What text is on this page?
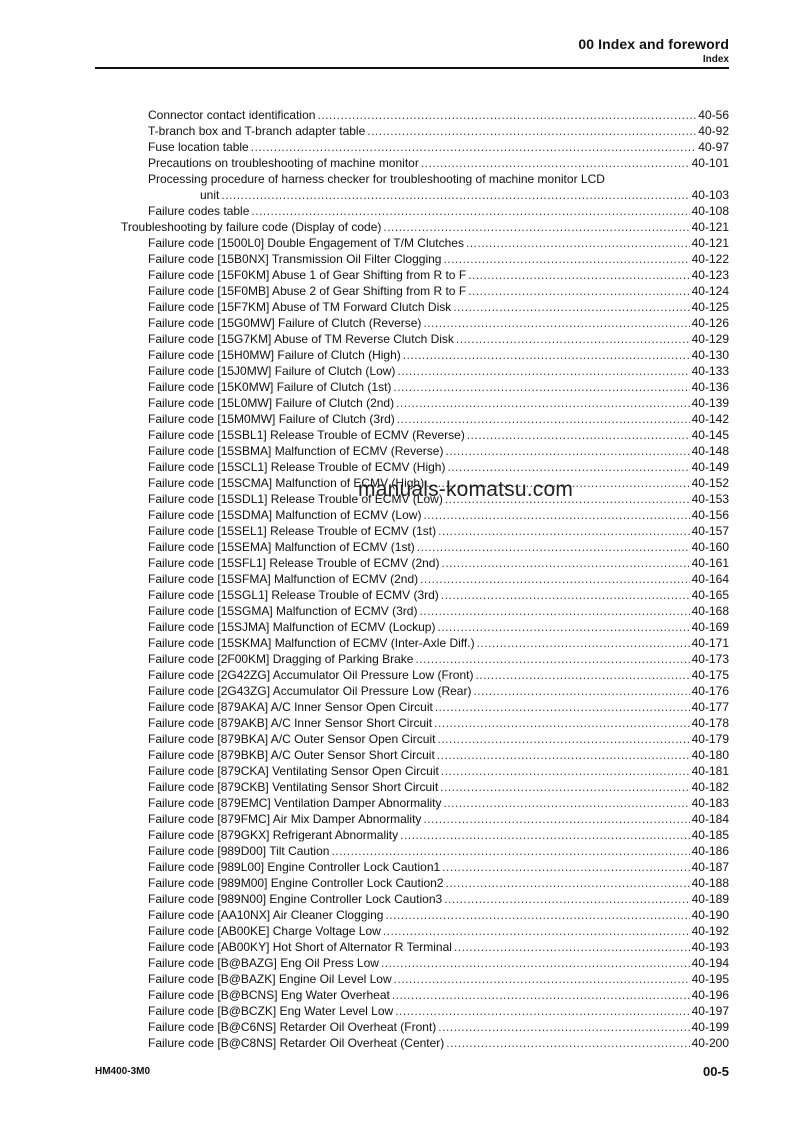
00 Index and foreword
Index
Connector contact identification .....	40-56
T-branch box and T-branch adapter table .....	40-92
Fuse location table .....	40-97
Precautions on troubleshooting of machine monitor .....	40-101
Processing procedure of harness checker for troubleshooting of machine monitor LCD
unit .....	40-103
Failure codes table .....	40-108
Troubleshooting by failure code (Display of code) .....	40-121
Failure code [1500L0] Double Engagement of T/M Clutches .....	40-121
Failure code [15B0NX] Transmission Oil Filter Clogging .....	40-122
Failure code [15F0KM] Abuse 1 of Gear Shifting from R to F .....	40-123
Failure code [15F0MB] Abuse 2 of Gear Shifting from R to F .....	40-124
Failure code [15F7KM] Abuse of TM Forward Clutch Disk .....	40-125
Failure code [15G0MW] Failure of Clutch (Reverse) .....	40-126
Failure code [15G7KM] Abuse of TM Reverse Clutch Disk .....	40-129
Failure code [15H0MW] Failure of Clutch (High) .....	40-130
Failure code [15J0MW] Failure of Clutch (Low) .....	40-133
Failure code [15K0MW] Failure of Clutch (1st) .....	40-136
Failure code [15L0MW] Failure of Clutch (2nd) .....	40-139
Failure code [15M0MW] Failure of Clutch (3rd) .....	40-142
Failure code [15SBL1] Release Trouble of ECMV (Reverse) .....	40-145
Failure code [15SBMA] Malfunction of ECMV (Reverse) .....	40-148
Failure code [15SCL1] Release Trouble of ECMV (High) .....	40-149
Failure code [15SCMA] Malfunction of ECMV (High) .....	40-152
Failure code [15SDL1] Release Trouble of ECMV (Low) .....	40-153
Failure code [15SDMA] Malfunction of ECMV (Low) .....	40-156
Failure code [15SEL1] Release Trouble of ECMV (1st) .....	40-157
Failure code [15SEMA] Malfunction of ECMV (1st) .....	40-160
Failure code [15SFL1] Release Trouble of ECMV (2nd) .....	40-161
Failure code [15SFMA] Malfunction of ECMV (2nd) .....	40-164
Failure code [15SGL1] Release Trouble of ECMV (3rd) .....	40-165
Failure code [15SGMA] Malfunction of ECMV (3rd) .....	40-168
Failure code [15SJMA] Malfunction of ECMV (Lockup) .....	40-169
Failure code [15SKMA] Malfunction of ECMV (Inter-Axle Diff.) .....	40-171
Failure code [2F00KM] Dragging of Parking Brake .....	40-173
Failure code [2G42ZG] Accumulator Oil Pressure Low (Front) .....	40-175
Failure code [2G43ZG] Accumulator Oil Pressure Low (Rear) .....	40-176
Failure code [879AKA] A/C Inner Sensor Open Circuit .....	40-177
Failure code [879AKB] A/C Inner Sensor Short Circuit .....	40-178
Failure code [879BKA] A/C Outer Sensor Open Circuit .....	40-179
Failure code [879BKB] A/C Outer Sensor Short Circuit .....	40-180
Failure code [879CKA] Ventilating Sensor Open Circuit .....	40-181
Failure code [879CKB] Ventilating Sensor Short Circuit .....	40-182
Failure code [879EMC] Ventilation Damper Abnormality .....	40-183
Failure code [879FMC] Air Mix Damper Abnormality .....	40-184
Failure code [879GKX] Refrigerant Abnormality .....	40-185
Failure code [989D00] Tilt Caution .....	40-186
Failure code [989L00] Engine Controller Lock Caution1 .....	40-187
Failure code [989M00] Engine Controller Lock Caution2 .....	40-188
Failure code [989N00] Engine Controller Lock Caution3 .....	40-189
Failure code [AA10NX] Air Cleaner Clogging .....	40-190
Failure code [AB00KE] Charge Voltage Low .....	40-192
Failure code [AB00KY] Hot Short of Alternator R Terminal .....	40-193
Failure code [B@BAZG] Eng Oil Press Low .....	40-194
Failure code [B@BAZK] Engine Oil Level Low .....	40-195
Failure code [B@BCNS] Eng Water Overheat .....	40-196
Failure code [B@BCZK] Eng Water Level Low .....	40-197
Failure code [B@C6NS] Retarder Oil Overheat (Front) .....	40-199
Failure code [B@C8NS] Retarder Oil Overheat (Center) .....	40-200
manuals-komatsu.com
HM400-3M0	00-5
